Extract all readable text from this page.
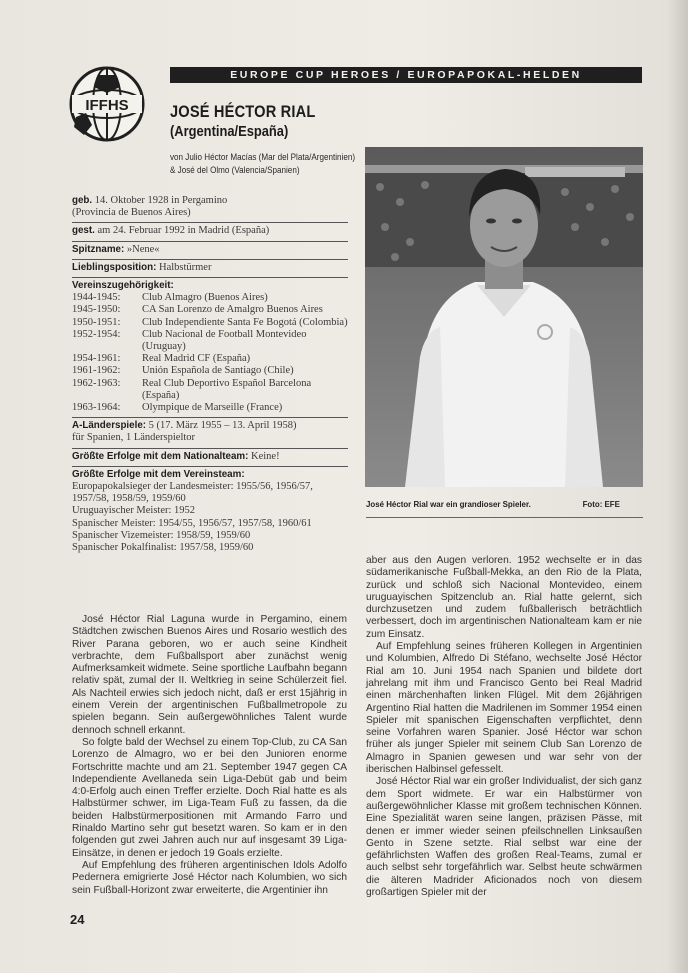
IFFHS
EUROPE CUP HEROES / EUROPAPOKAL-HELDEN
JOSÉ HÉCTOR RIAL
(Argentina/España)
von Julio Héctor Macías (Mar del Plata/Argentinien)
& José del Olmo (Valencia/Spanien)
geb. 14. Oktober 1928 in Pergamino
(Provincia de Buenos Aires)
gest. am 24. Februar 1992 in Madrid (España)
Spitzname: »Nene«
Lieblingsposition: Halbstürmer
Vereinszugehörigkeit:
1944-1945:	Club Almagro (Buenos Aires)
1945-1950:	CA San Lorenzo de Amalgro Buenos Aires
1950-1951:	Club Independiente Santa Fe Bogotá (Colombia)
1952-1954:	Club Nacional de Football Montevideo (Uruguay)
1954-1961:	Real Madrid CF (España)
1961-1962:	Unión Española de Santiago (Chile)
1962-1963:	Real Club Deportivo Español Barcelona (España)
1963-1964:	Olympique de Marseille (France)
A-Länderspiele: 5 (17. März 1955 – 13. April 1958)
für Spanien, 1 Länderspieltor
Größte Erfolge mit dem Nationalteam: Keine!
Größte Erfolge mit dem Vereinsteam:
Europapokalsieger der Landesmeister: 1955/56, 1956/57, 1957/58, 1958/59, 1959/60
Uruguayischer Meister: 1952
Spanischer Meister: 1954/55, 1956/57, 1957/58, 1960/61
Spanischer Vizemeister: 1958/59, 1959/60
Spanischer Pokalfinalist: 1957/58, 1959/60
José Héctor Rial war ein grandioser Spieler.	Foto: EFE

José Héctor Rial Laguna wurde in Pergamino, einem Städtchen zwischen Buenos Aires und Rosario westlich des River Parana geboren, wo er auch seine Kindheit verbrachte, dem Fußballsport aber zunächst wenig Aufmerksamkeit widmete. Seine sportliche Laufbahn begann relativ spät, zumal der II. Weltkrieg in seine Schülerzeit fiel. Als Nachteil erwies sich jedoch nicht, daß er erst 15jährig in einem Verein der argentinischen Fußballmetropole zu spielen begann. Sein außergewöhnliches Talent wurde dennoch schnell erkannt.

So folgte bald der Wechsel zu einem Top-Club, zu CA San Lorenzo de Almagro, wo er bei den Junioren enorme Fortschritte machte und am 21. September 1947 gegen CA Independiente Avellaneda sein Liga-Debüt gab und beim 4:0-Erfolg auch einen Treffer erzielte. Doch Rial hatte es als Halbstürmer schwer, im Liga-Team Fuß zu fassen, da die beiden Halbstürmerpositionen mit Armando Farro und Rinaldo Martino sehr gut besetzt waren. So kam er in den folgenden gut zwei Jahren auch nur auf insgesamt 39 Liga-Einsätze, in denen er jedoch 19 Goals erzielte.

Auf Empfehlung des früheren argentinischen Idols Adolfo Pedernera emigrierte José Héctor nach Kolumbien, wo sich sein Fußball-Horizont zwar erweiterte, die Argentinier ihn

aber aus den Augen verloren. 1952 wechselte er in das südamerikanische Fußball-Mekka, an den Rio de la Plata, zurück und schloß sich Nacional Montevideo, einem uruguayischen Spitzenclub an. Rial hatte gelernt, sich durchzusetzen und zudem fußballerisch beträchtlich verbessert, doch im argentinischen Nationalteam kam er nie zum Einsatz.

Auf Empfehlung seines früheren Kollegen in Argentinien und Kolumbien, Alfredo Di Stéfano, wechselte José Héctor Rial am 10. Juni 1954 nach Spanien und bildete dort jahrelang mit ihm und Francisco Gento bei Real Madrid einen märchenhaften linken Flügel. Mit dem 26jährigen Argentino Rial hatten die Madrilenen im Sommer 1954 einen Spieler mit spanischen Eigenschaften verpflichtet, denn seine Vorfahren waren Spanier. José Héctor war schon früher als junger Spieler mit seinem Club San Lorenzo de Almagro in Spanien gewesen und war sehr von der iberischen Halbinsel gefesselt.

José Héctor Rial war ein großer Individualist, der sich ganz dem Sport widmete. Er war ein Halbstürmer von außergewöhnlicher Klasse mit großem technischen Können. Eine Spezialität waren seine langen, präzisen Pässe, mit denen er immer wieder seinen pfeilschnellen Linksaußen Gento in Szene setzte. Rial selbst war eine der gefährlichsten Waffen des großen Real-Teams, zumal er auch selbst sehr torgefährlich war. Selbst heute schwärmen die älteren Madrider Aficionados noch von diesem großartigen Spieler mit der

24
